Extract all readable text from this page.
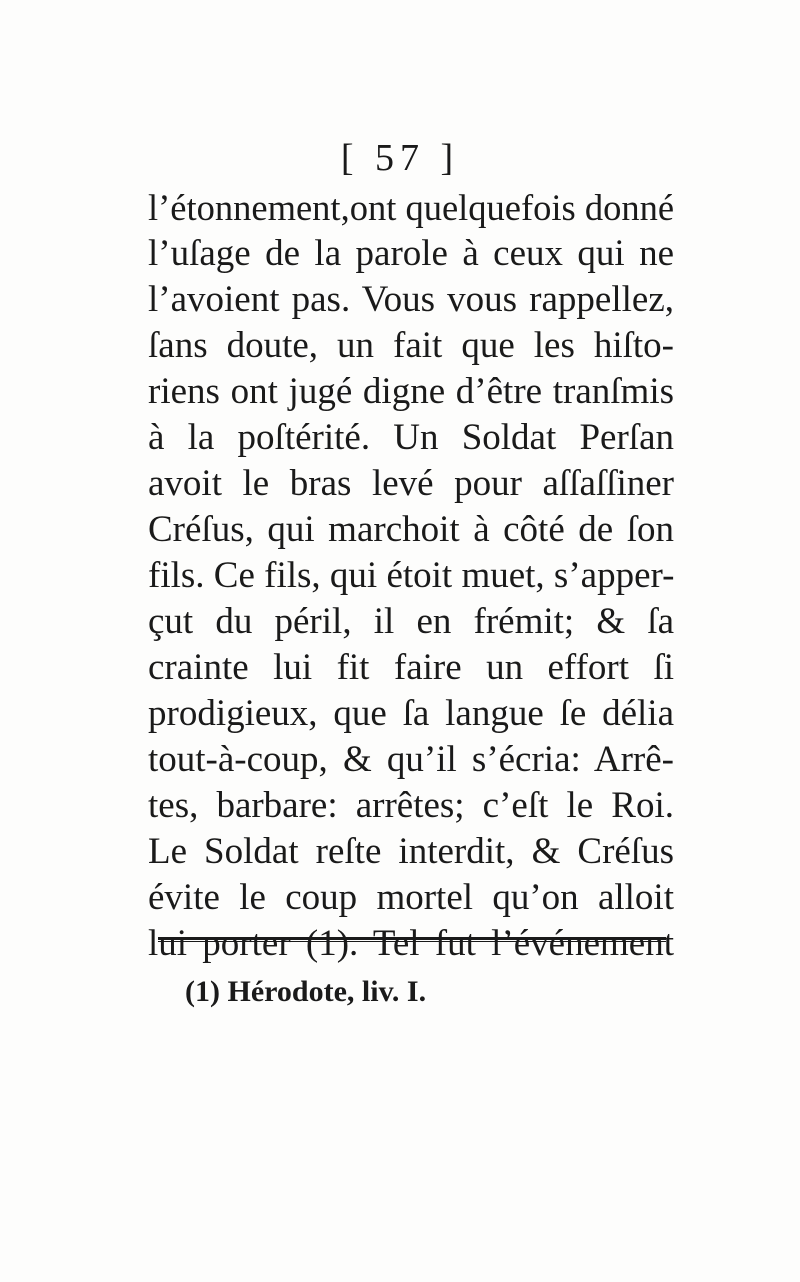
[ 57 ]
l’étonnement,ont quelquefois donné
l’uſage de la parole à ceux qui ne
l’avoient pas. Vous vous rappellez,
ſans doute, un fait que les hiſto-
riens ont jugé digne d’être tranſmis
à la poſtérité. Un Soldat Perſan
avoit le bras levé pour aſſaſſiner
Créſus, qui marchoit à côté de ſon
fils. Ce fils, qui étoit muet, s’apper-
çut du péril, il en frémit; & ſa
crainte lui fit faire un effort ſi
prodigieux, que ſa langue ſe délia
tout-à-coup, & qu’il s’écria: Arrê-
tes, barbare: arrêtes; c’eſt le Roi.
Le Soldat reſte interdit, & Créſus
évite le coup mortel qu’on alloit
lui porter (1). Tel fut l’événement
(1) Hérodote, liv. I.
